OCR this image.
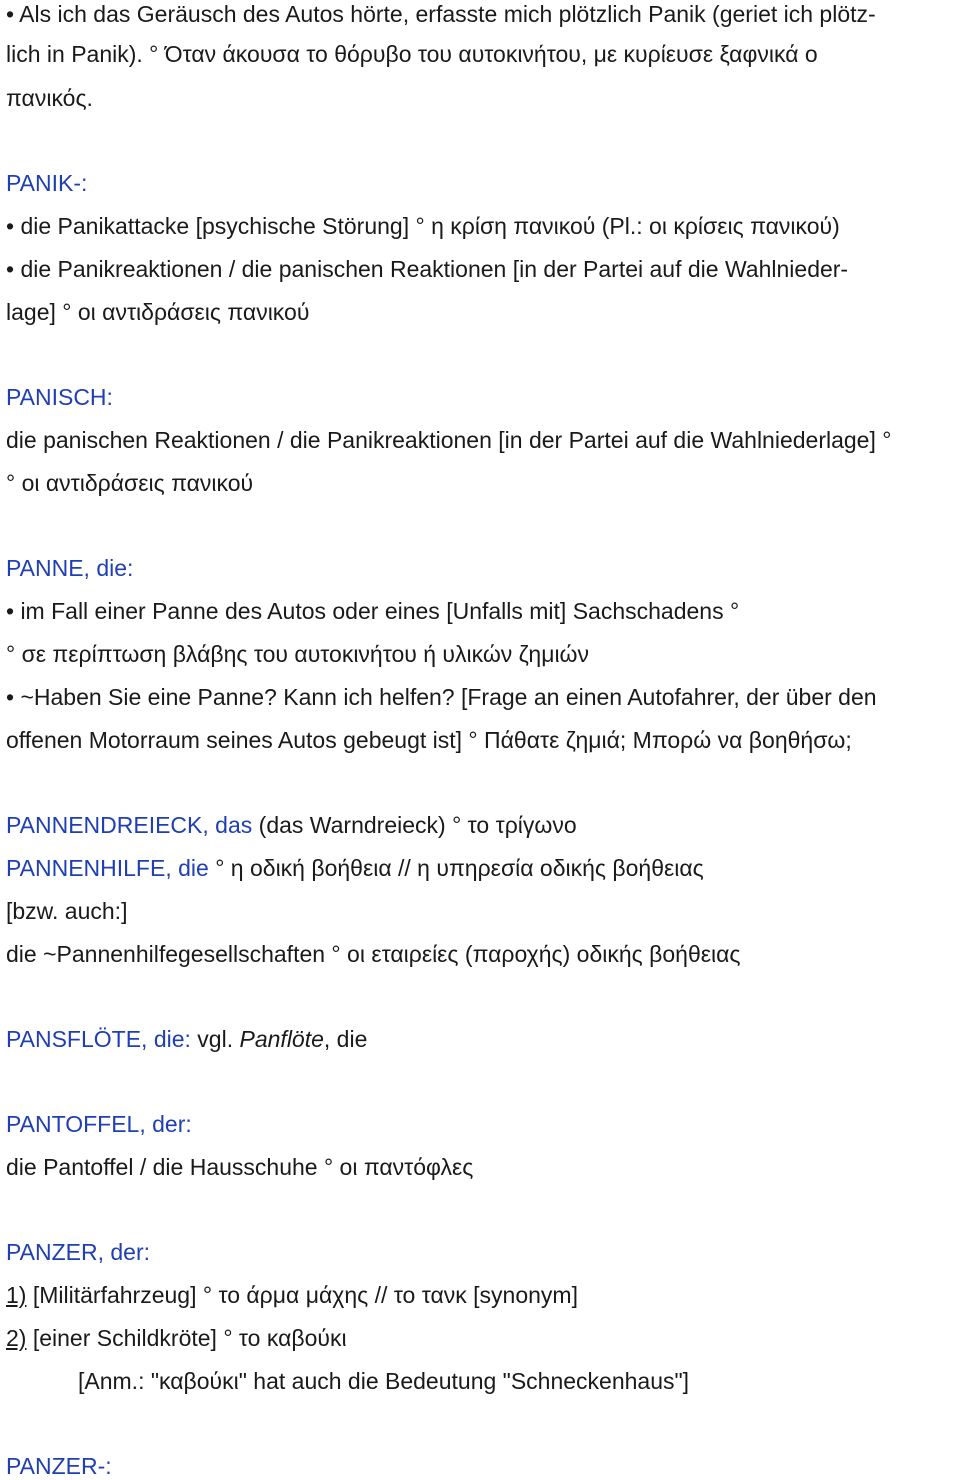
• Als ich das Geräusch des Autos hörte, erfasste mich plötzlich Panik (geriet ich plötz-
lich in Panik). ° Όταν άκουσα το θόρυβο του αυτοκινήτου, με κυρίευσε ξαφνικά ο
πανικός.
PANIK-:
• die Panikattacke [psychische Störung] ° η κρίση πανικού (Pl.: οι κρίσεις πανικού)
• die Panikreaktionen / die panischen Reaktionen [in der Partei auf die Wahlnieder-
lage] ° οι αντιδράσεις πανικού
PANISCH:
die panischen Reaktionen / die Panikreaktionen [in der Partei auf die Wahlniederlage] °
° οι αντιδράσεις πανικού
PANNE, die:
• im Fall einer Panne des Autos oder eines [Unfalls mit] Sachschadens °
° σε περίπτωση βλάβης του αυτοκινήτου ή υλικών ζημιών
• ~Haben Sie eine Panne? Kann ich helfen? [Frage an einen Autofahrer, der über den
offenen Motorraum seines Autos gebeugt ist] ° Πάθατε ζημιά; Μπορώ να βοηθήσω;
PANNENDREIECK, das (das Warndreieck) ° το τρίγωνο
PANNENHILFE, die ° η οδική βοήθεια // η υπηρεσία οδικής βοήθειας
[bzw. auch:]
die ~Pannenhilfegesellschaften ° οι εταιρείες (παροχής) οδικής βοήθειας
PANSFLÖTE, die: vgl. Panflöte, die
PANTOFFEL, der:
die Pantoffel / die Hausschuhe ° οι παντόφλες
PANZER, der:
1) [Militärfahrzeug] ° το άρμα μάχης // το τανκ [synonym]
2) [einer Schildkröte] ° το καβούκι
[Anm.: "καβούκι" hat auch die Bedeutung "Schneckenhaus"]
PANZER-:
